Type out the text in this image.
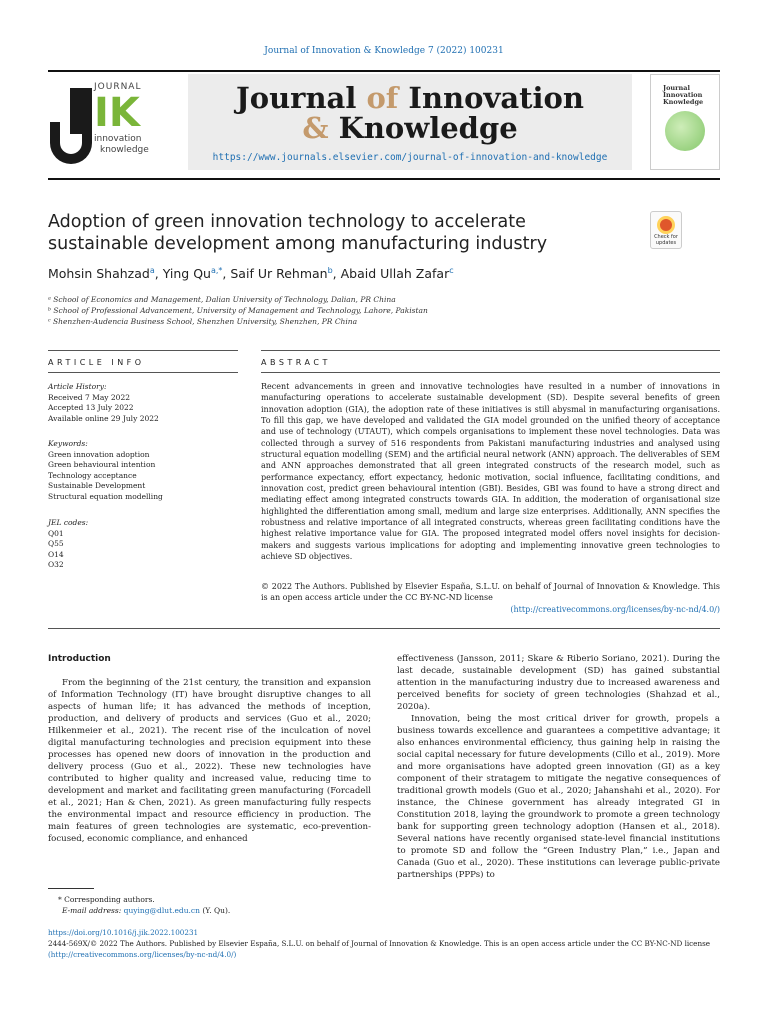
Journal of Innovation & Knowledge 7 (2022) 100231
JOURNAL
IK
innovation
knowledge
Journal of Innovation
& Knowledge
https://www.journals.elsevier.com/journal-of-innovation-and-knowledge
Journal
Innovation
Knowledge
Adoption of green innovation technology to accelerate sustainable development among manufacturing industry	Check for updates
Mohsin Shahzad$^a$, Ying $Qu^{a,*}$, Saif Ur Rehman$^b$, Abaid Ullah Zafar$^c$
ᵃ School of Economics and Management, Dalian University of Technology, Dalian, PR China
ᵇ School of Professional Advancement, University of Management and Technology, Lahore, Pakistan
ᶜ Shenzhen-Audencia Business School, Shenzhen University, Shenzhen, PR China
ARTICLE INFO	ABSTRACT
Article History:
Received 7 May 2022
Accepted 13 July 2022
Available online 29 July 2022
Keywords:
Green innovation adoption
Green behavioural intention
Technology acceptance
Sustainable Development
Structural equation modelling
JEL codes:
Q01
Q55
O14
O32
Recent advancements in green and innovative technologies have resulted in a number of innovations in manufacturing operations to accelerate sustainable development (SD). Despite several benefits of green innovation adoption (GIA), the adoption rate of these initiatives is still abysmal in manufacturing organisations. To fill this gap, we have developed and validated the GIA model grounded on the unified theory of acceptance and use of technology (UTAUT), which compels organisations to implement these novel technologies. Data was collected through a survey of 516 respondents from Pakistani manufacturing industries and analysed using structural equation modelling (SEM) and the artificial neural network (ANN) approach. The deliverables of SEM and ANN approaches demonstrated that all green integrated constructs of the research model, such as performance expectancy, effort expectancy, hedonic motivation, social influence, facilitating conditions, and innovation cost, predict green behavioural intention (GBI). Besides, GBI was found to have a strong direct and mediating effect among integrated constructs towards GIA. In addition, the moderation of organisational size highlighted the differentiation among small, medium and large size enterprises. Additionally, ANN specifies the robustness and relative importance of all integrated constructs, whereas green facilitating conditions have the highest relative importance value for GIA. The proposed integrated model offers novel insights for decision-makers and suggests various implications for adopting and implementing innovative green technologies to achieve SD objectives.
© 2022 The Authors. Published by Elsevier España, S.L.U. on behalf of Journal of Innovation & Knowledge. This is an open access article under the CC BY-NC-ND license
(http://creativecommons.org/licenses/by-nc-nd/4.0/)
Introduction

From the beginning of the 21st century, the transition and expansion of Information Technology (IT) have brought disruptive changes to all aspects of human life; it has advanced the methods of inception, production, and delivery of products and services (Guo et al., 2020; Hilkenmeier et al., 2021). The recent rise of the inculcation of novel digital manufacturing technologies and precision equipment into these processes has opened new doors of innovation in the production and delivery process (Guo et al., 2022). These new technologies have contributed to higher quality and increased value, reducing time to development and market and facilitating green manufacturing (Forcadell et al., 2021; Han & Chen, 2021). As green manufacturing fully respects the environmental impact and resource efficiency in production. The main features of green technologies are systematic, eco-prevention-focused, economic compliance, and enhanced

effectiveness (Jansson, 2011; Skare & Riberio Soriano, 2021). During the last decade, sustainable development (SD) has gained substantial attention in the manufacturing industry due to increased awareness and perceived benefits for society of green technologies (Shahzad et al., 2020a).

Innovation, being the most critical driver for growth, propels a business towards excellence and guarantees a competitive advantage; it also enhances environmental efficiency, thus gaining help in raising the social capital necessary for future developments (Cillo et al., 2019). More and more organisations have adopted green innovation (GI) as a key component of their stratagem to mitigate the negative consequences of traditional growth models (Guo et al., 2020; Jahanshahi et al., 2020). For instance, the Chinese government has already integrated GI in Constitution 2018, laying the groundwork to promote a green technology bank for supporting green technology adoption (Hansen et al., 2018). Several nations have recently organised state-level financial institutions to promote SD and follow the “Green Industry Plan,” i.e., Japan and Canada (Guo et al., 2020). These institutions can leverage public-private partnerships (PPPs) to

* Corresponding authors.
E-mail address: quying@dlut.edu.cn (Y. Qu).
https://doi.org/10.1016/j.jik.2022.100231
2444-569X/© 2022 The Authors. Published by Elsevier España, S.L.U. on behalf of Journal of Innovation & Knowledge. This is an open access article under the CC BY-NC-ND license
(http://creativecommons.org/licenses/by-nc-nd/4.0/)
